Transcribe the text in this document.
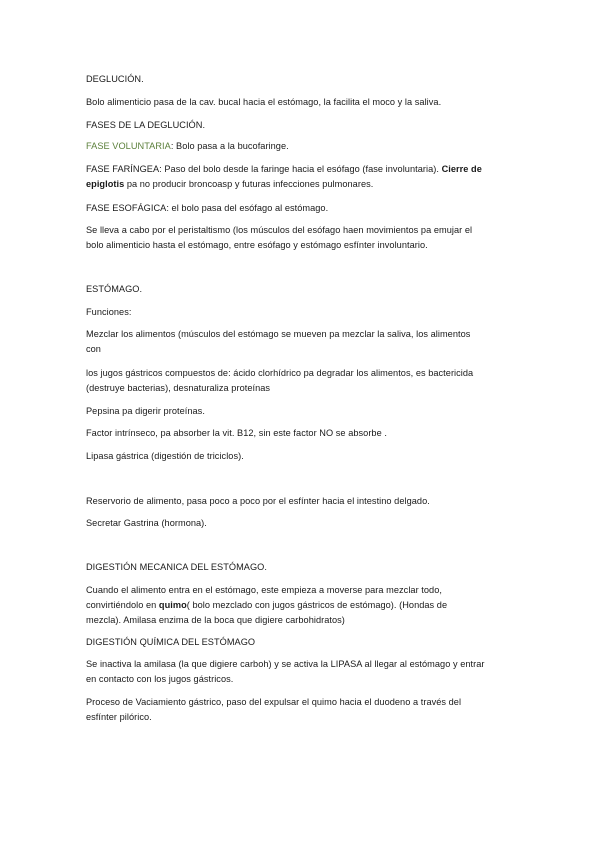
DEGLUCIÓN.
Bolo alimenticio pasa de la cav. bucal hacia el estómago, la facilita el moco y la saliva.
FASES DE LA DEGLUCIÓN.
FASE VOLUNTARIA: Bolo pasa a la bucofaringe.
FASE FARÍNGEA: Paso del bolo desde la faringe hacia el esófago (fase involuntaria). Cierre de
epiglotis pa no producir broncoasp y futuras infecciones pulmonares.
FASE ESOFÁGICA: el bolo pasa del esófago al estómago.
Se lleva a cabo por el peristaltismo (los músculos del esófago haen movimientos pa emujar el
bolo alimenticio hasta el estómago, entre esófago y estómago esfínter involuntario.
ESTÓMAGO.
Funciones:
Mezclar los alimentos (músculos del estómago se mueven pa mezclar la saliva, los alimentos
con
los jugos gástricos compuestos de: ácido clorhídrico pa degradar los alimentos, es bactericida
(destruye bacterias), desnaturaliza proteínas
Pepsina pa digerir proteínas.
Factor intrínseco, pa absorber la vit. B12, sin este factor NO se absorbe .
Lipasa gástrica (digestión de triciclos).
Reservorio de alimento, pasa poco a poco por el esfínter hacia el intestino delgado.
Secretar Gastrina (hormona).
DIGESTIÓN MECANICA DEL ESTÓMAGO.
Cuando el alimento entra en el estómago, este empieza a moverse para mezclar todo,
convirtiéndolo en quimo( bolo mezclado con jugos gástricos de estómago). (Hondas de
mezcla). Amilasa enzima de la boca que digiere carbohidratos)
DIGESTIÓN QUÍMICA DEL ESTÓMAGO
Se inactiva la amilasa (la que digiere carboh) y se activa la LIPASA al llegar al estómago y entrar
en contacto con los jugos gástricos.
Proceso de Vaciamiento gástrico, paso del expulsar el quimo hacia el duodeno a través del
esfínter pilórico.
